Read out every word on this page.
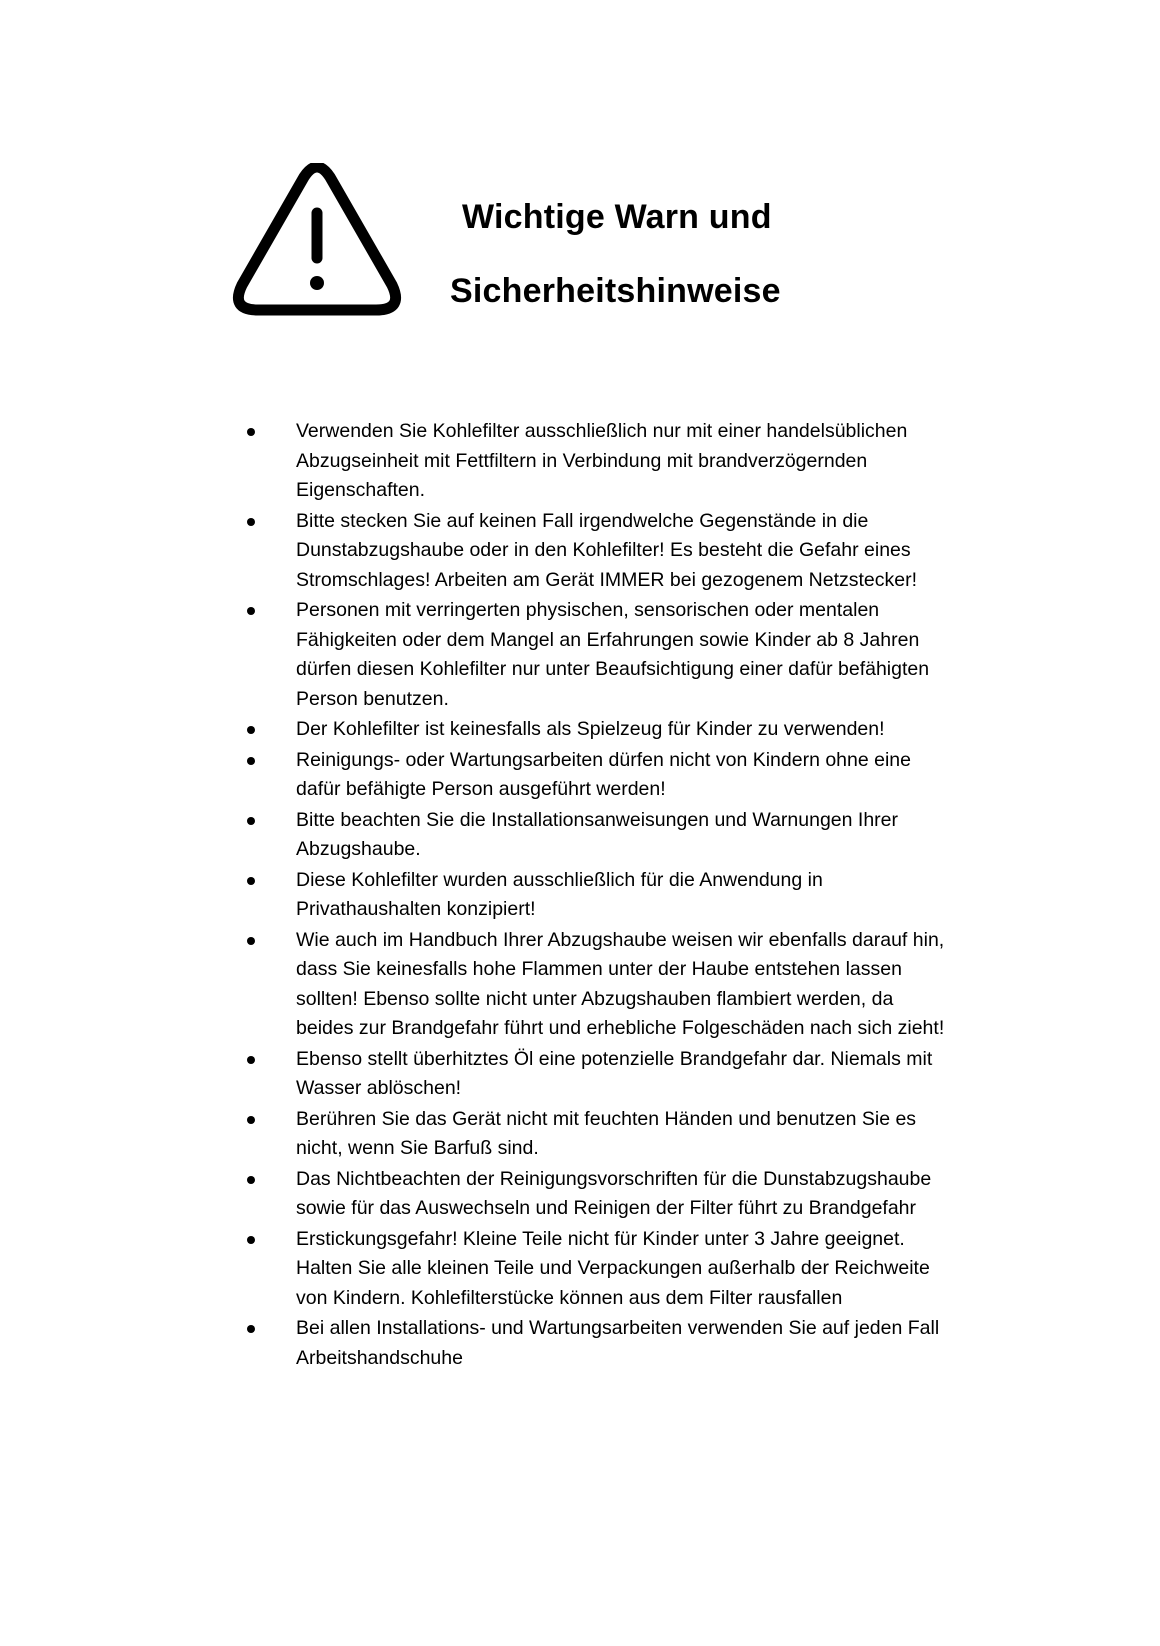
Wichtige Warn und
Sicherheitshinweise
Verwenden Sie Kohlefilter ausschließlich nur mit einer handelsüblichen Abzugseinheit mit Fettfiltern in Verbindung mit brandverzögernden Eigenschaften.
Bitte stecken Sie auf keinen Fall irgendwelche Gegenstände in die Dunstabzugshaube oder in den Kohlefilter! Es besteht die Gefahr eines Stromschlages! Arbeiten am Gerät IMMER bei gezogenem Netzstecker!
Personen mit verringerten physischen, sensorischen oder mentalen Fähigkeiten oder dem Mangel an Erfahrungen sowie Kinder ab 8 Jahren dürfen diesen Kohlefilter nur unter Beaufsichtigung einer dafür befähigten Person benutzen.
Der Kohlefilter ist keinesfalls als Spielzeug für Kinder zu verwenden!
Reinigungs- oder Wartungsarbeiten dürfen nicht von Kindern ohne eine dafür befähigte Person ausgeführt werden!
Bitte beachten Sie die Installationsanweisungen und Warnungen Ihrer Abzugshaube.
Diese Kohlefilter wurden ausschließlich für die Anwendung in Privathaushalten konzipiert!
Wie auch im Handbuch Ihrer Abzugshaube weisen wir ebenfalls darauf hin, dass Sie keinesfalls hohe Flammen unter der Haube entstehen lassen sollten! Ebenso sollte nicht unter Abzugshauben flambiert werden, da beides zur Brandgefahr führt und erhebliche Folgeschäden nach sich zieht!
Ebenso stellt überhitztes Öl eine potenzielle Brandgefahr dar. Niemals mit Wasser ablöschen!
Berühren Sie das Gerät nicht mit feuchten Händen und benutzen Sie es nicht, wenn Sie Barfuß sind.
Das Nichtbeachten der Reinigungsvorschriften für die Dunstabzugshaube sowie für das Auswechseln und Reinigen der Filter führt zu Brandgefahr
Erstickungsgefahr! Kleine Teile nicht für Kinder unter 3 Jahre geeignet. Halten Sie alle kleinen Teile und Verpackungen außerhalb der Reichweite von Kindern. Kohlefilterstücke können aus dem Filter rausfallen
Bei allen Installations- und Wartungsarbeiten verwenden Sie auf jeden Fall Arbeitshandschuhe
